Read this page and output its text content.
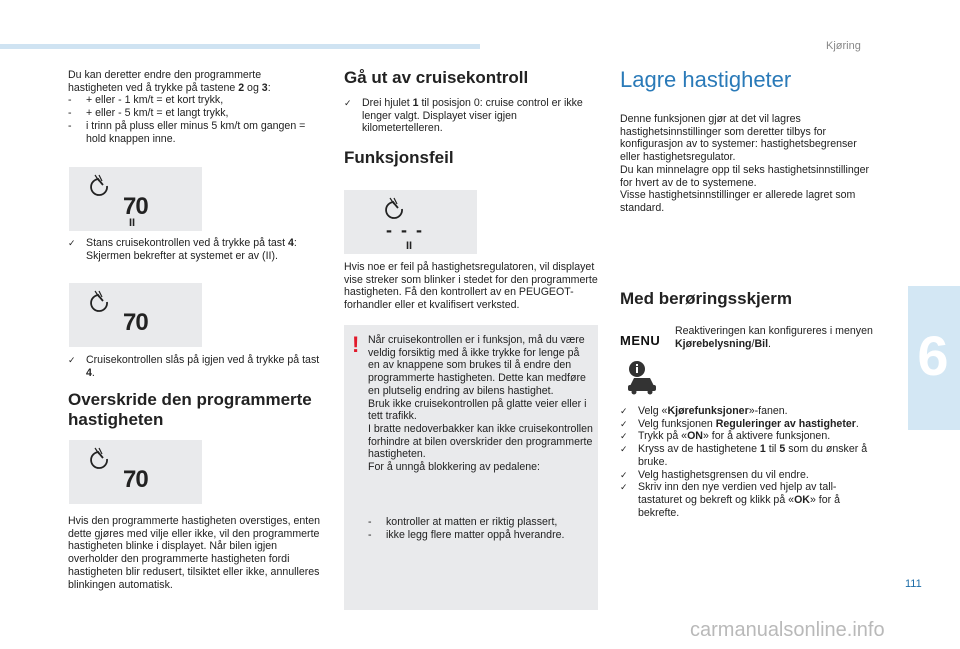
Kjøring
6
111
carmanualsonline.info

Du kan deretter endre den programmerte
hastigheten ved å trykke på tastene 2 og 3:
- + eller - 1 km/t = et kort trykk,
- + eller - 5 km/t = et langt trykk,
- i trinn på pluss eller minus 5 km/t om gangen = hold knappen inne.

70
II

✓ Stans cruisekontrollen ved å trykke på tast 4: Skjermen bekrefter at systemet er av (II).

70

✓ Cruisekontrollen slås på igjen ved å trykke på tast 4.

Overskride den programmerte hastigheten
70

Hvis den programmerte hastigheten overstiges, enten dette gjøres med vilje eller ikke, vil den programmerte hastigheten blinke i displayet. Når bilen igjen overholder den programmerte hastigheten fordi hastigheten blir redusert, tilsiktet eller ikke, annulleres blinkingen automatisk.

Gå ut av cruisekontroll

✓ Drei hjulet 1 til posisjon 0: cruise control er ikke lenger valgt. Displayet viser igjen kilometertelleren.

Funksjonsfeil
- - -
II

Hvis noe er feil på hastighetsregulatoren, vil displayet vise streker som blinker i stedet for den programmerte hastigheten. Få den kontrollert av en PEUGEOT-forhandler eller et kvalifisert verksted.

! Når cruisekontrollen er i funksjon, må du være veldig forsiktig med å ikke trykke for lenge på en av knappene som brukes til å endre den programmerte hastigheten. Dette kan medføre en plutselig endring av bilens hastighet.
Bruk ikke cruisekontrollen på glatte veier eller i tett trafikk.
I bratte nedoverbakker kan ikke cruisekontrollen forhindre at bilen overskrider den programmerte hastigheten.
For å unngå blokkering av pedalene:

- kontroller at matten er riktig plassert,
- ikke legg flere matter oppå hverandre.

Lagre hastigheter

Denne funksjonen gjør at det vil lagres hastighetsinnstillinger som deretter tilbys for konfigurasjon av to systemer: hastighetsbegrenser eller hastighetsregulator.
Du kan minnelagre opp til seks hastighetsinnstillinger for hvert av de to systemene.
Visse hastighetsinnstillinger er allerede lagret som standard.

Med berøringsskjerm
MENU

Reaktiveringen kan konfigureres i menyen Kjørebelysning/Bil.

✓ Velg «Kjørefunksjoner»-fanen.
✓ Velg funksjonen Reguleringer av hastigheter.
✓ Trykk på «ON» for å aktivere funksjonen.
✓ Kryss av de hastighetene 1 til 5 som du ønsker å bruke.
✓ Velg hastighetsgrensen du vil endre.
✓ Skriv inn den nye verdien ved hjelp av tall-tastaturet og bekreft og klikk på «OK» for å bekrefte.
